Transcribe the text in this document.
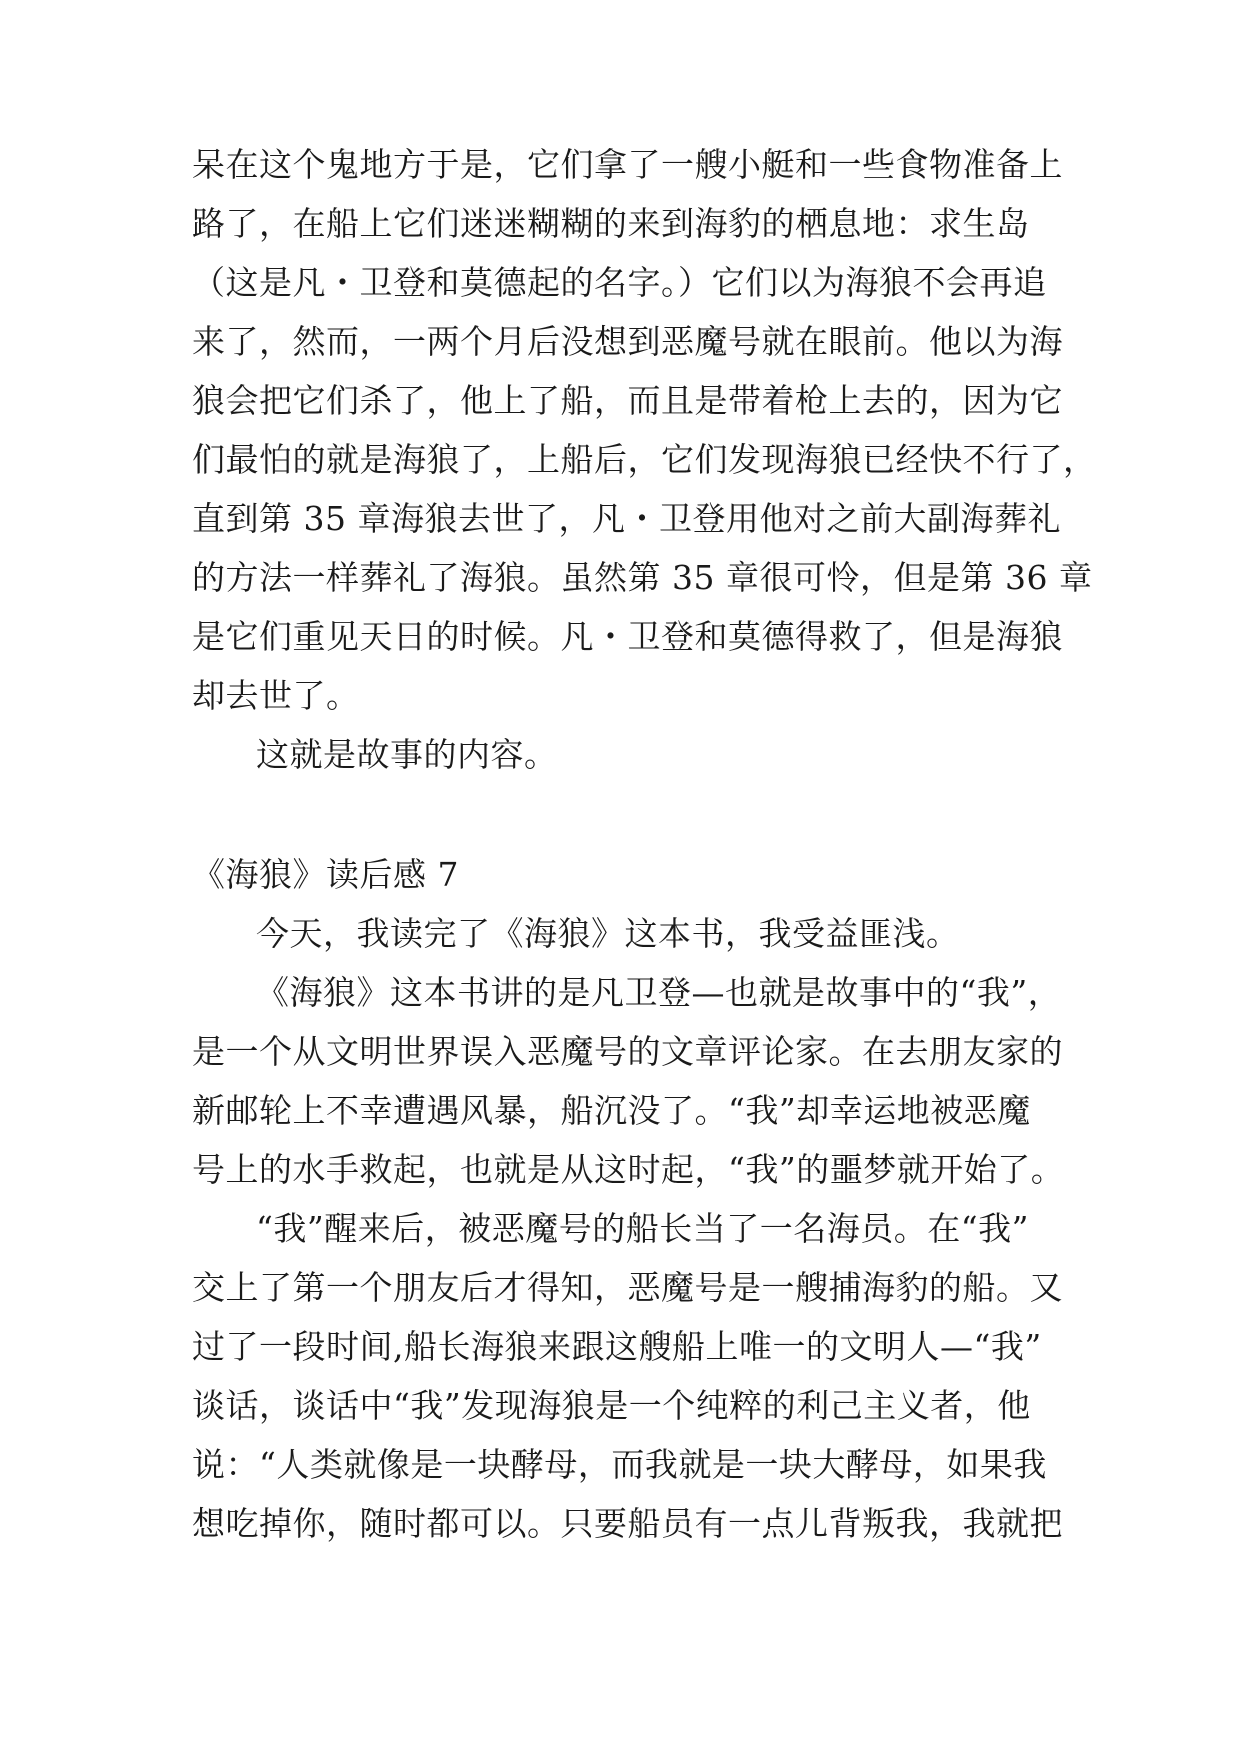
呆在这个鬼地方于是，它们拿了一艘小艇和一些食物准备上
路了，在船上它们迷迷糊糊的来到海豹的栖息地：求生岛
（这是凡・卫登和莫德起的名字。）它们以为海狼不会再追
来了，然而，一两个月后没想到恶魔号就在眼前。他以为海
狼会把它们杀了，他上了船，而且是带着枪上去的，因为它
们最怕的就是海狼了，上船后，它们发现海狼已经快不行了，
直到第 35 章海狼去世了，凡・卫登用他对之前大副海葬礼
的方法一样葬礼了海狼。虽然第 35 章很可怜，但是第 36 章
是它们重见天日的时候。凡・卫登和莫德得救了，但是海狼
却去世了。
这就是故事的内容。
《海狼》读后感 7
今天，我读完了《海狼》这本书，我受益匪浅。
《海狼》这本书讲的是凡卫登—也就是故事中的“我”，
是一个从文明世界误入恶魔号的文章评论家。在去朋友家的
新邮轮上不幸遭遇风暴，船沉没了。“我”却幸运地被恶魔
号上的水手救起，也就是从这时起，“我”的噩梦就开始了。
“我”醒来后，被恶魔号的船长当了一名海员。在“我”
交上了第一个朋友后才得知，恶魔号是一艘捕海豹的船。又
过了一段时间,船长海狼来跟这艘船上唯一的文明人—“我”
谈话，谈话中“我”发现海狼是一个纯粹的利己主义者，他
说：“人类就像是一块酵母，而我就是一块大酵母，如果我
想吃掉你，随时都可以。只要船员有一点儿背叛我，我就把
